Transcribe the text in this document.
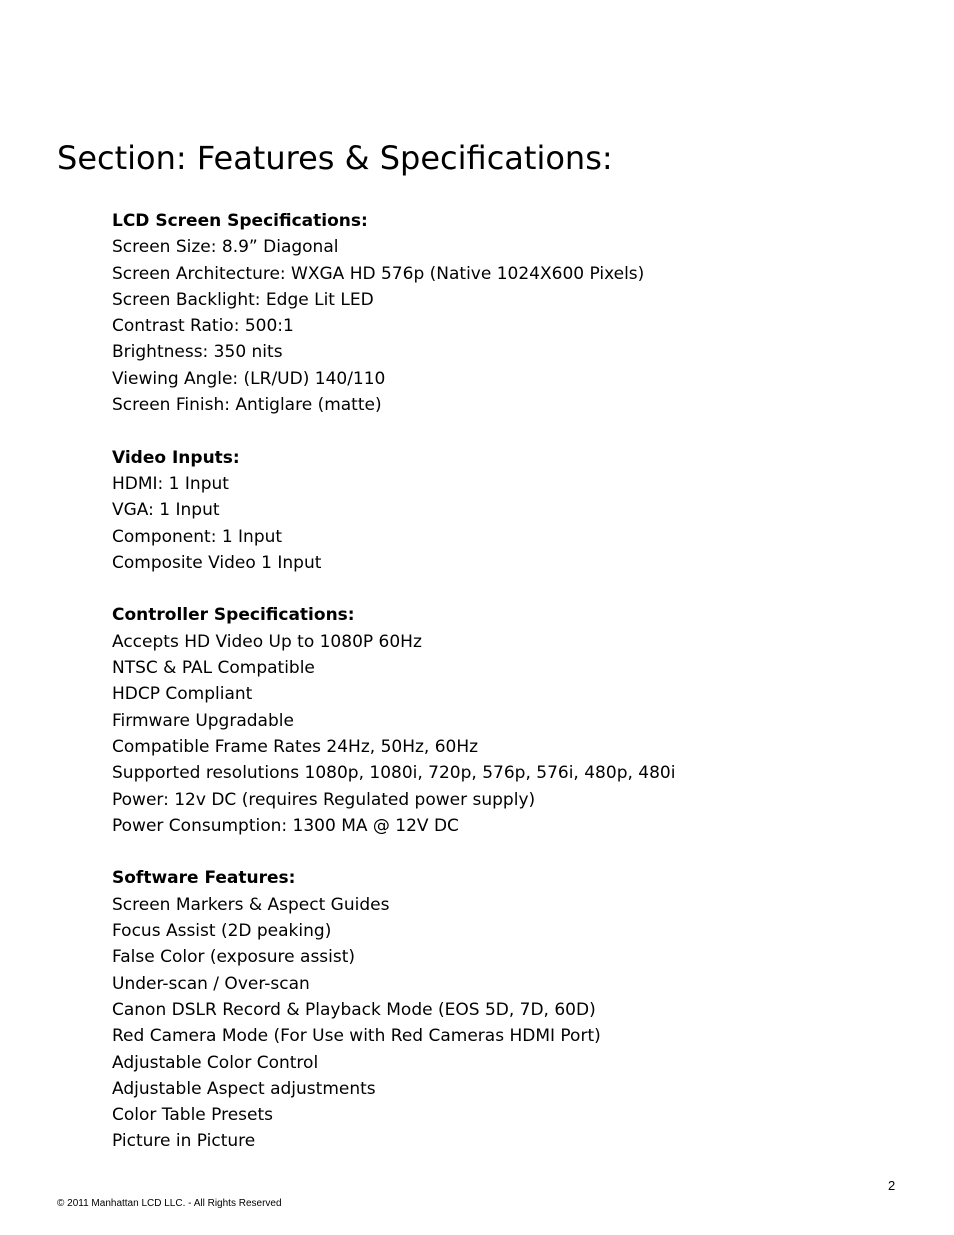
Section: Features & Specifications:
LCD Screen Specifications:
Screen Size: 8.9” Diagonal
Screen Architecture: WXGA HD 576p (Native 1024X600 Pixels)
Screen Backlight: Edge Lit LED
Contrast Ratio: 500:1
Brightness: 350 nits
Viewing Angle: (LR/UD) 140/110
Screen Finish: Antiglare (matte)
Video Inputs:
HDMI: 1 Input
VGA: 1 Input
Component: 1 Input
Composite Video 1 Input
Controller Specifications:
Accepts HD Video Up to 1080P 60Hz
NTSC & PAL Compatible
HDCP Compliant
Firmware Upgradable
Compatible Frame Rates 24Hz, 50Hz, 60Hz
Supported resolutions 1080p, 1080i, 720p, 576p, 576i, 480p, 480i
Power: 12v DC (requires Regulated power supply)
Power Consumption: 1300 MA @ 12V DC
Software Features:
Screen Markers & Aspect Guides
Focus Assist (2D peaking)
False Color (exposure assist)
Under-scan / Over-scan
Canon DSLR Record & Playback Mode (EOS 5D, 7D, 60D)
Red Camera Mode (For Use with Red Cameras HDMI Port)
Adjustable Color Control
Adjustable Aspect adjustments
Color Table Presets
Picture in Picture
2
© 2011 Manhattan LCD LLC. - All Rights Reserved
